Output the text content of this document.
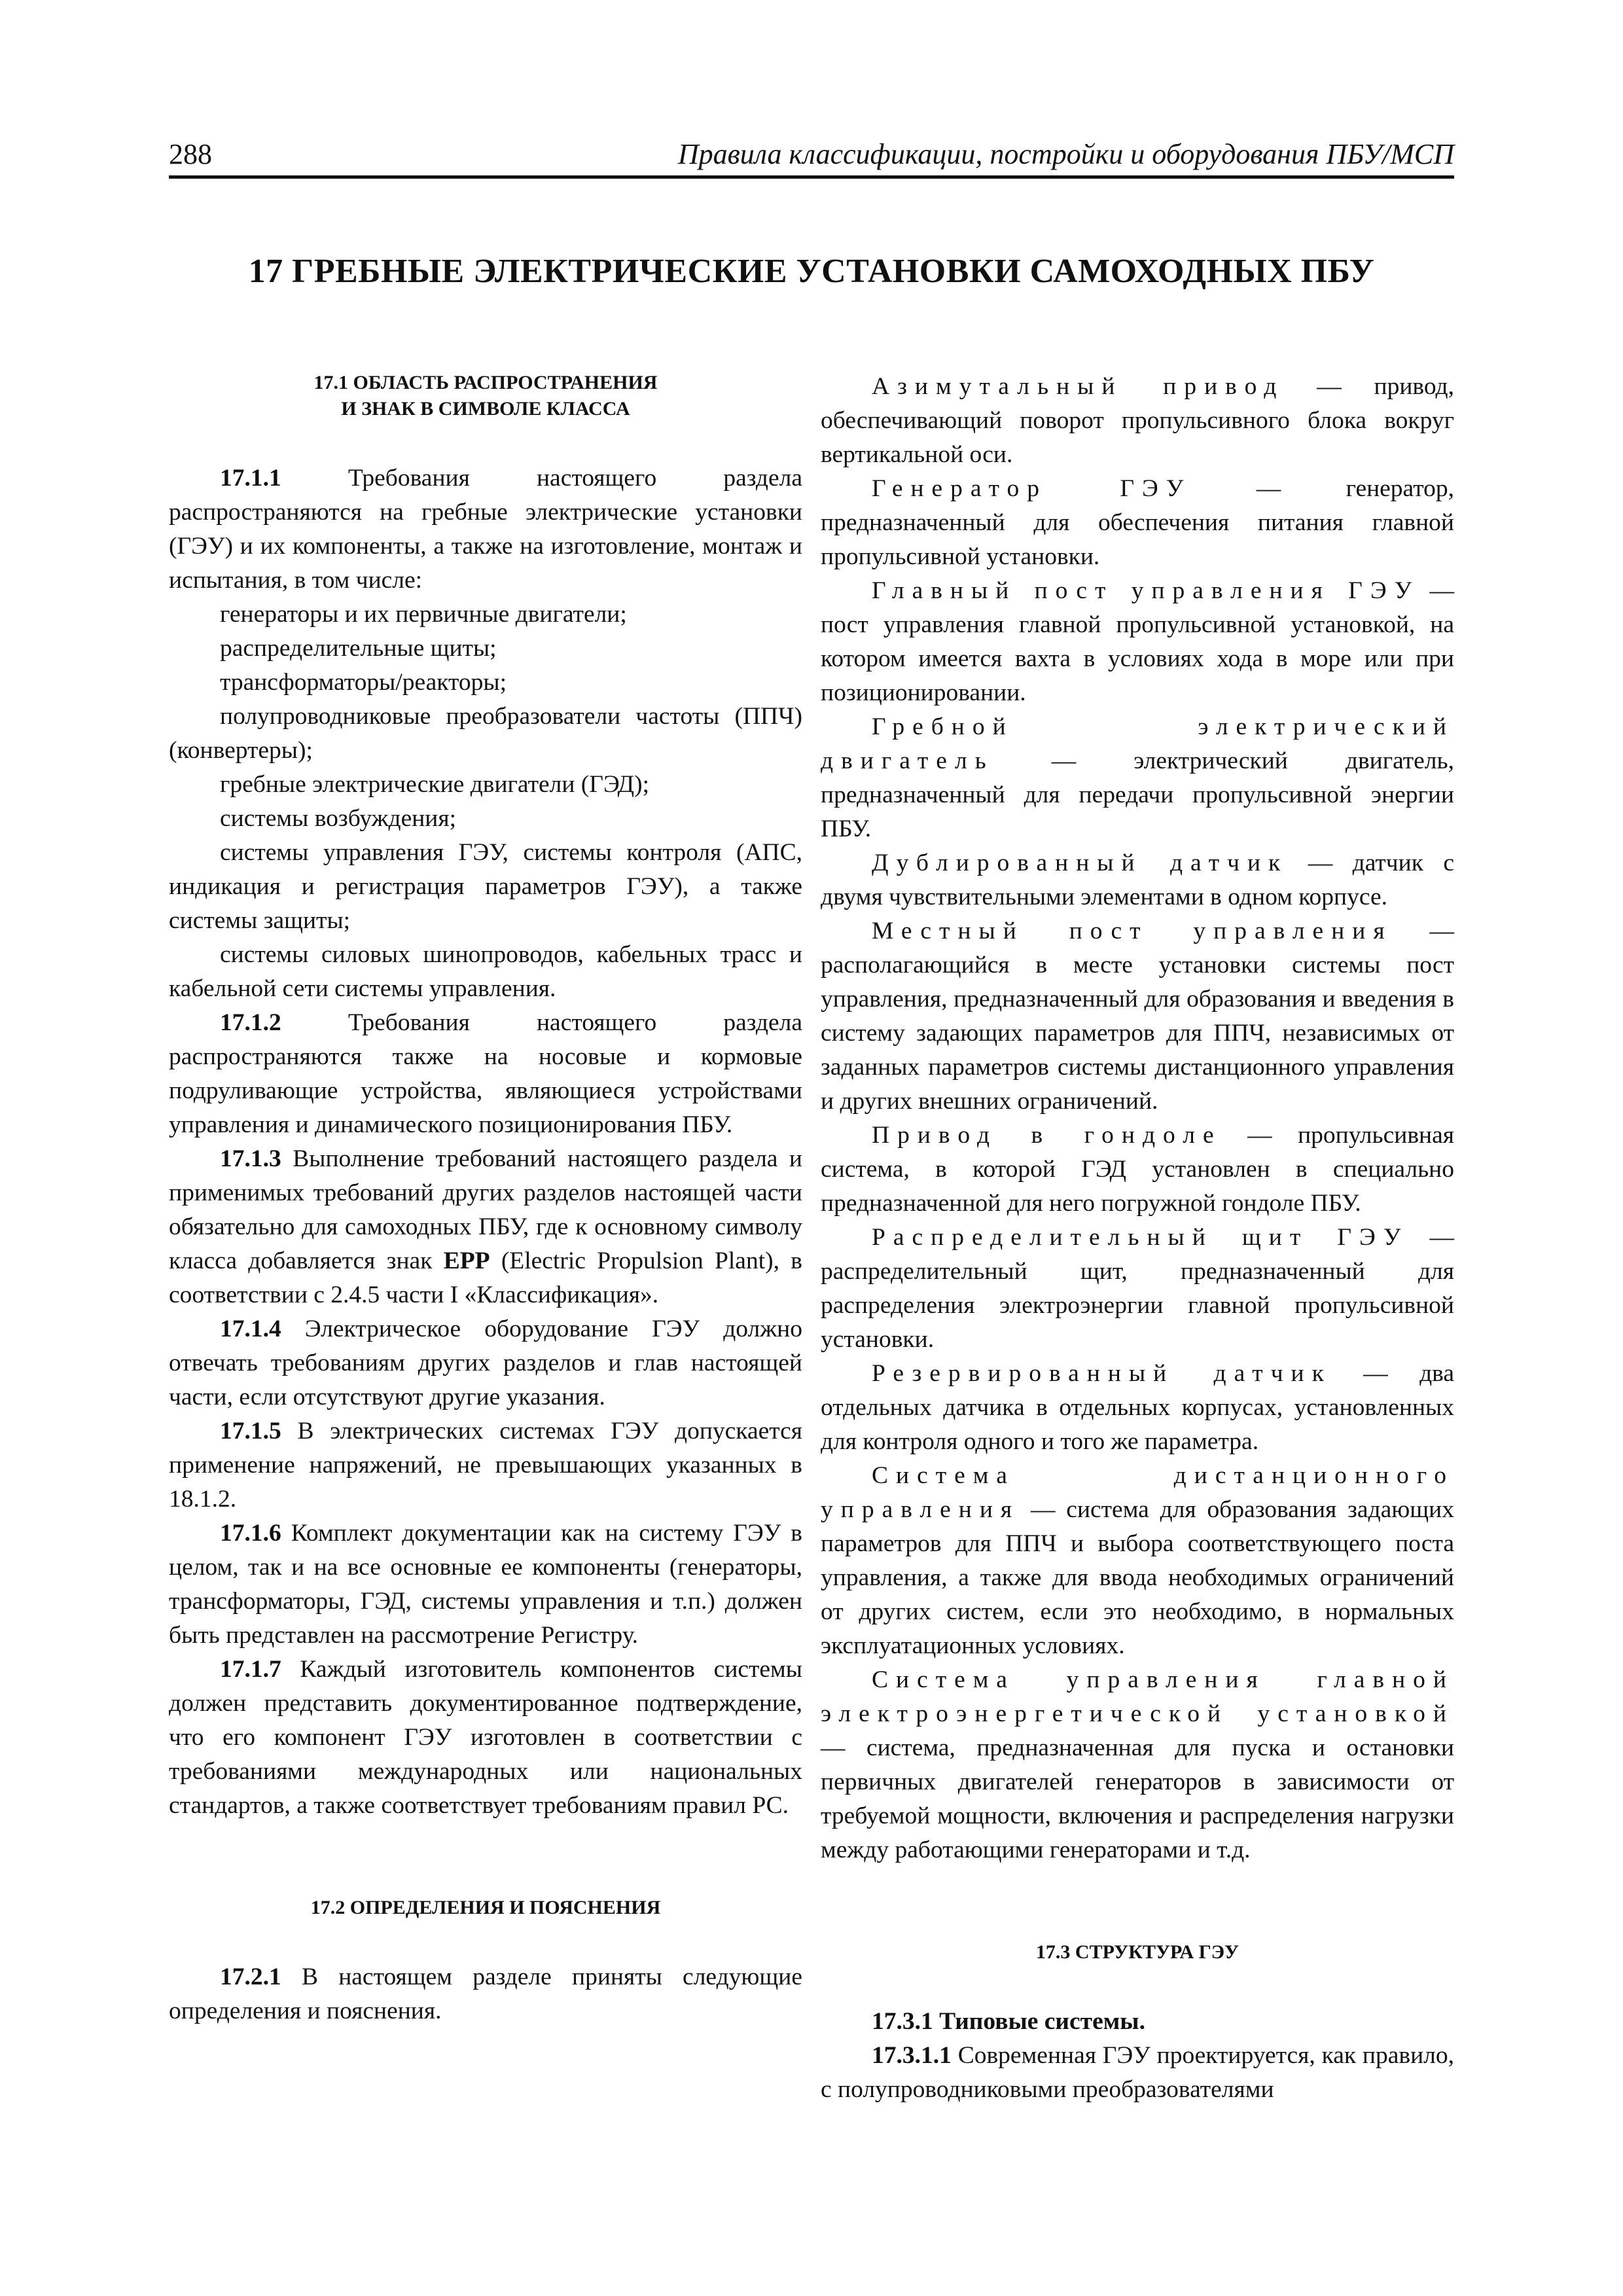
288	Правила классификации, постройки и оборудования ПБУ/МСП
17 ГРЕБНЫЕ ЭЛЕКТРИЧЕСКИЕ УСТАНОВКИ САМОХОДНЫХ ПБУ
17.1 ОБЛАСТЬ РАСПРОСТРАНЕНИЯ
И ЗНАК В СИМВОЛЕ КЛАССА

17.1.1 Требования настоящего раздела распространяются на гребные электрические установки (ГЭУ) и их компоненты, а также на изготовление, монтаж и испытания, в том числе:

генераторы и их первичные двигатели;

распределительные щиты;

трансформаторы/реакторы;

полупроводниковые преобразователи частоты (ППЧ) (конвертеры);

гребные электрические двигатели (ГЭД);

системы возбуждения;

системы управления ГЭУ, системы контроля (АПС, индикация и регистрация параметров ГЭУ), а также системы защиты;

системы силовых шинопроводов, кабельных трасс и кабельной сети системы управления.

17.1.2 Требования настоящего раздела распространяются также на носовые и кормовые подруливающие устройства, являющиеся устройствами управления и динамического позиционирования ПБУ.

17.1.3 Выполнение требований настоящего раздела и применимых требований других разделов настоящей части обязательно для самоходных ПБУ, где к основному символу класса добавляется знак EPP (Electric Propulsion Plant), в соответствии с 2.4.5 части I «Классификация».

17.1.4 Электрическое оборудование ГЭУ должно отвечать требованиям других разделов и глав настоящей части, если отсутствуют другие указания.

17.1.5 В электрических системах ГЭУ допускается применение напряжений, не превышающих указанных в 18.1.2.

17.1.6 Комплект документации как на систему ГЭУ в целом, так и на все основные ее компоненты (генераторы, трансформаторы, ГЭД, системы управления и т.п.) должен быть представлен на рассмотрение Регистру.

17.1.7 Каждый изготовитель компонентов системы должен представить документированное подтверждение, что его компонент ГЭУ изготовлен в соответствии с требованиями международных или национальных стандартов, а также соответствует требованиям правил РС.

17.2 ОПРЕДЕЛЕНИЯ И ПОЯСНЕНИЯ

17.2.1 В настоящем разделе приняты следующие определения и пояснения.

Азимутальный привод — привод, обеспечивающий поворот пропульсивного блока вокруг вертикальной оси.

Генератор ГЭУ — генератор, предназначенный для обеспечения питания главной пропульсивной установки.

Главный пост управления ГЭУ — пост управления главной пропульсивной установкой, на котором имеется вахта в условиях хода в море или при позиционировании.

Гребной электрический двигатель — электрический двигатель, предназначенный для передачи пропульсивной энергии ПБУ.

Дублированный датчик — датчик с двумя чувствительными элементами в одном корпусе.

Местный пост управления — располагающийся в месте установки системы пост управления, предназначенный для образования и введения в систему задающих параметров для ППЧ, независимых от заданных параметров системы дистанционного управления и других внешних ограничений.

Привод в гондоле — пропульсивная система, в которой ГЭД установлен в специально предназначенной для него погружной гондоле ПБУ.

Распределительный щит ГЭУ — распределительный щит, предназначенный для распределения электроэнергии главной пропульсивной установки.

Резервированный датчик — два отдельных датчика в отдельных корпусах, установленных для контроля одного и того же параметра.

Система дистанционного управления — система для образования задающих параметров для ППЧ и выбора соответствующего поста управления, а также для ввода необходимых ограничений от других систем, если это необходимо, в нормальных эксплуатационных условиях.

Система управления главной электроэнергетической установкой — система, предназначенная для пуска и остановки первичных двигателей генераторов в зависимости от требуемой мощности, включения и распределения нагрузки между работающими генераторами и т.д.

17.3 СТРУКТУРА ГЭУ

17.3.1 Типовые системы.

17.3.1.1 Современная ГЭУ проектируется, как правило, с полупроводниковыми преобразователями
